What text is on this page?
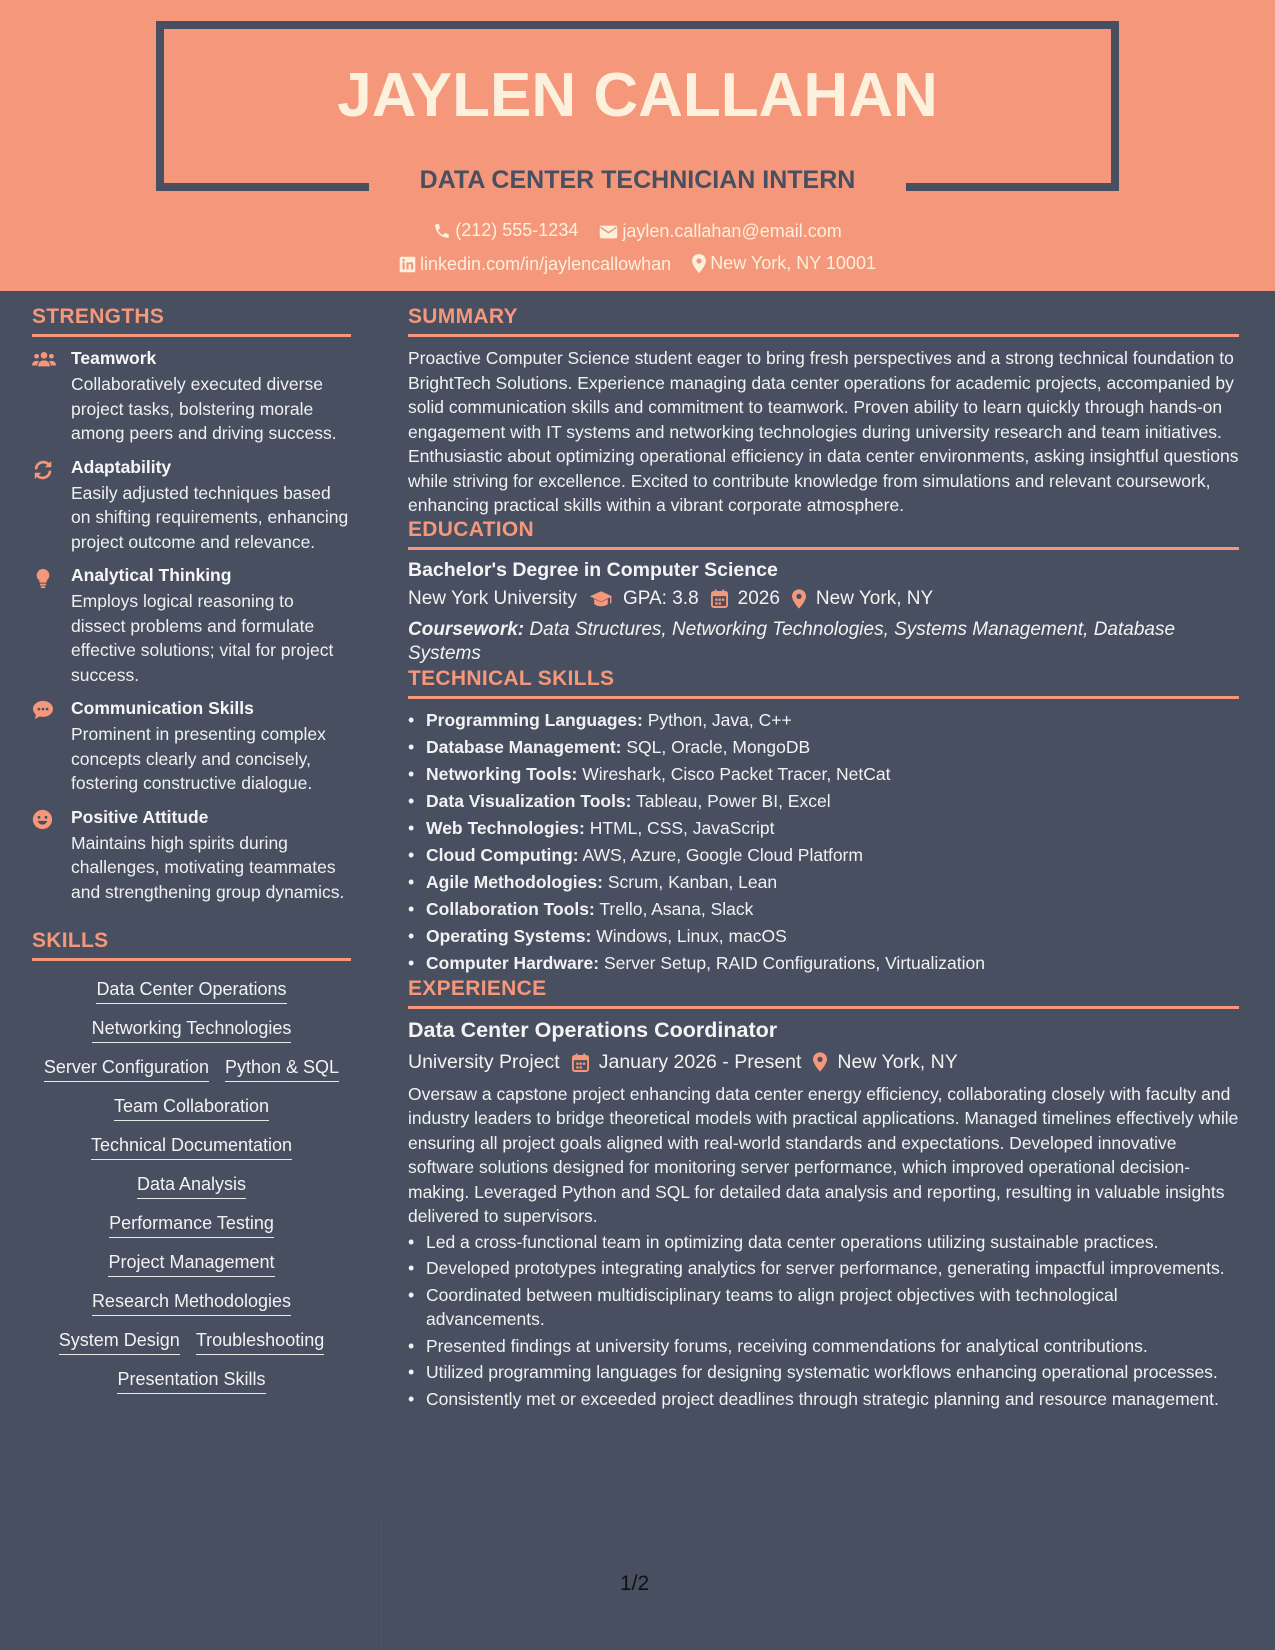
JAYLEN CALLAHAN
DATA CENTER TECHNICIAN INTERN
(212) 555-1234
jaylen.callahan@email.com
linkedin.com/in/jaylencallowhan
New York, NY 10001
STRENGTHS
Teamwork
Collaboratively executed diverse project tasks, bolstering morale among peers and driving success.
Adaptability
Easily adjusted techniques based on shifting requirements, enhancing project outcome and relevance.
Analytical Thinking
Employs logical reasoning to dissect problems and formulate effective solutions; vital for project success.
Communication Skills
Prominent in presenting complex concepts clearly and concisely, fostering constructive dialogue.
Positive Attitude
Maintains high spirits during challenges, motivating teammates and strengthening group dynamics.
SKILLS
Data Center Operations
Networking Technologies
Server Configuration Python & SQL
Team Collaboration
Technical Documentation
Data Analysis
Performance Testing
Project Management
Research Methodologies
System Design Troubleshooting
Presentation Skills
SUMMARY
Proactive Computer Science student eager to bring fresh perspectives and a strong technical foundation to BrightTech Solutions. Experience managing data center operations for academic projects, accompanied by solid communication skills and commitment to teamwork. Proven ability to learn quickly through hands-on engagement with IT systems and networking technologies during university research and team initiatives. Enthusiastic about optimizing operational efficiency in data center environments, asking insightful questions while striving for excellence. Excited to contribute knowledge from simulations and relevant coursework, enhancing practical skills within a vibrant corporate atmosphere.
EDUCATION
Bachelor's Degree in Computer Science
New York University GPA: 3.8 2026 New York, NY
Coursework: Data Structures, Networking Technologies, Systems Management, Database Systems
TECHNICAL SKILLS
• Programming Languages: Python, Java, C++
• Database Management: SQL, Oracle, MongoDB
• Networking Tools: Wireshark, Cisco Packet Tracer, NetCat
• Data Visualization Tools: Tableau, Power BI, Excel
• Web Technologies: HTML, CSS, JavaScript
• Cloud Computing: AWS, Azure, Google Cloud Platform
• Agile Methodologies: Scrum, Kanban, Lean
• Collaboration Tools: Trello, Asana, Slack
• Operating Systems: Windows, Linux, macOS
• Computer Hardware: Server Setup, RAID Configurations, Virtualization
EXPERIENCE
Data Center Operations Coordinator
University Project January 2026 - Present New York, NY
Oversaw a capstone project enhancing data center energy efficiency, collaborating closely with faculty and industry leaders to bridge theoretical models with practical applications. Managed timelines effectively while ensuring all project goals aligned with real-world standards and expectations. Developed innovative software solutions designed for monitoring server performance, which improved operational decision-making. Leveraged Python and SQL for detailed data analysis and reporting, resulting in valuable insights delivered to supervisors.
• Led a cross-functional team in optimizing data center operations utilizing sustainable practices.
• Developed prototypes integrating analytics for server performance, generating impactful improvements.
• Coordinated between multidisciplinary teams to align project objectives with technological advancements.
• Presented findings at university forums, receiving commendations for analytical contributions.
• Utilized programming languages for designing systematic workflows enhancing operational processes.
• Consistently met or exceeded project deadlines through strategic planning and resource management.
1/2
